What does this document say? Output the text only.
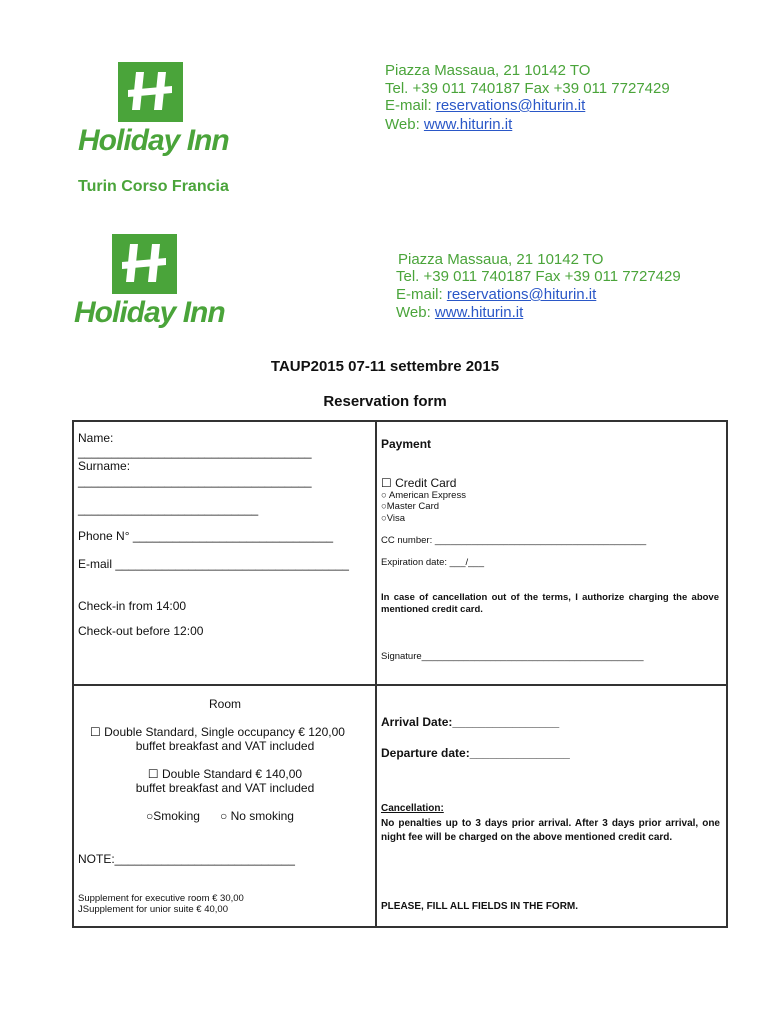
Holiday Inn
Turin Corso Francia
Piazza Massaua, 21 10142 TO
Tel. +39 011 740187 Fax +39 011 7727429
E-mail: reservations@hiturin.it
Web: www.hiturin.it
Holiday Inn
Piazza Massaua, 21 10142 TO
Tel. +39 011 740187 Fax +39 011 7727429
E-mail: reservations@hiturin.it
Web: www.hiturin.it
TAUP2015 07-11 settembre 2015
Reservation form
Name:
___________________________________
Surname:
___________________________________
___________________________
Phone N° ______________________________
E-mail ___________________________________
Check-in from 14:00
Check-out before 12:00
Payment
☐ Credit Card
○ American Express
○Master Card
○Visa
CC number: ________________________________________
Expiration date: ___/___
In case of cancellation out of the terms, I authorize charging the above mentioned credit card.
Signature__________________________________________
Room
☐ Double Standard, Single occupancy € 120,00
buffet breakfast and VAT included
☐ Double Standard € 140,00
buffet breakfast and VAT included
○Smoking ○ No smoking
NOTE:___________________________
Supplement for executive room € 30,00
JSupplement for unior suite € 40,00
Arrival Date:________________
Departure date:_______________
Cancellation:
No penalties up to 3 days prior arrival. After 3 days prior arrival, one night fee will be charged on the above mentioned credit card.
PLEASE, FILL ALL FIELDS IN THE FORM.
